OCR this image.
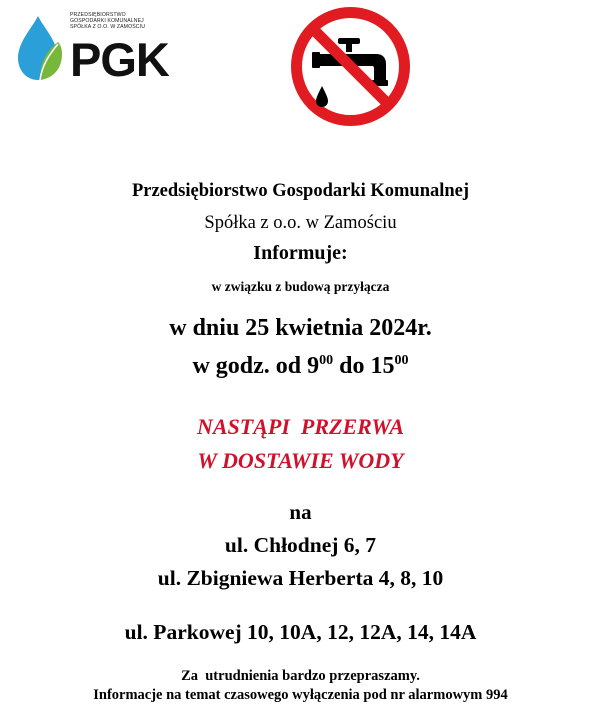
PRZEDSIĘBIORSTWO
GOSPODARKI KOMUNALNEJ
SPÓŁKA Z O.O. W ZAMOŚCIU
PGK
Przedsiębiorstwo Gospodarki Komunalnej
Spółka z o.o. w Zamościu
Informuje:
w związku z budową przyłącza
w dniu 25 kwietnia 2024r.
w godz. od $9^{00}$ do $15^{00}$
NASTĄPI  PRZERWA
W DOSTAWIE WODY
na
ul. Chłodnej 6, 7
ul. Zbigniewa Herberta 4, 8, 10
ul. Parkowej 10, 10A, 12, 12A, 14, 14A
Za  utrudnienia bardzo przepraszamy.
Informacje na temat czasowego wyłączenia pod nr alarmowym 994
